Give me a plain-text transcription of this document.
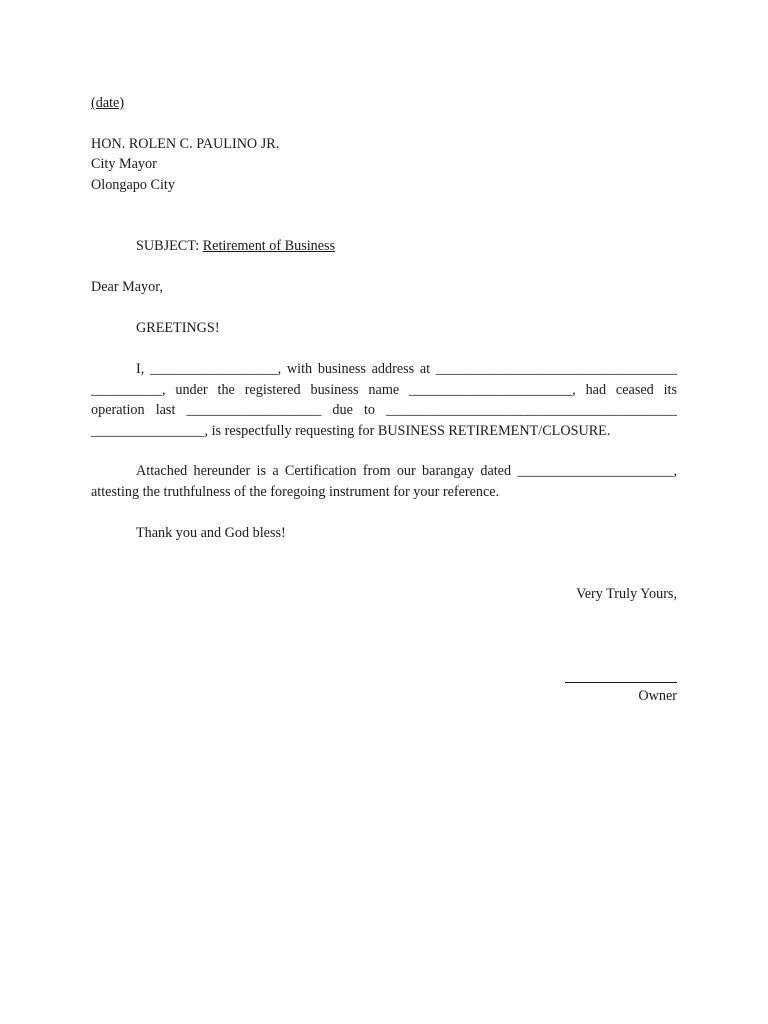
(date)
HON. ROLEN C. PAULINO JR.
City Mayor
Olongapo City
SUBJECT: Retirement of Business
Dear Mayor,
GREETINGS!
I, __________________, with business address at __________________________________
__________, under the registered business name _______________________, had ceased its
operation last ___________________ due to _________________________________________
________________, is respectfully requesting for BUSINESS RETIREMENT/CLOSURE.
Attached hereunder is a Certification from our barangay dated ______________________,
attesting the truthfulness of the foregoing instrument for your reference.
Thank you and God bless!
Very Truly Yours,
Owner
